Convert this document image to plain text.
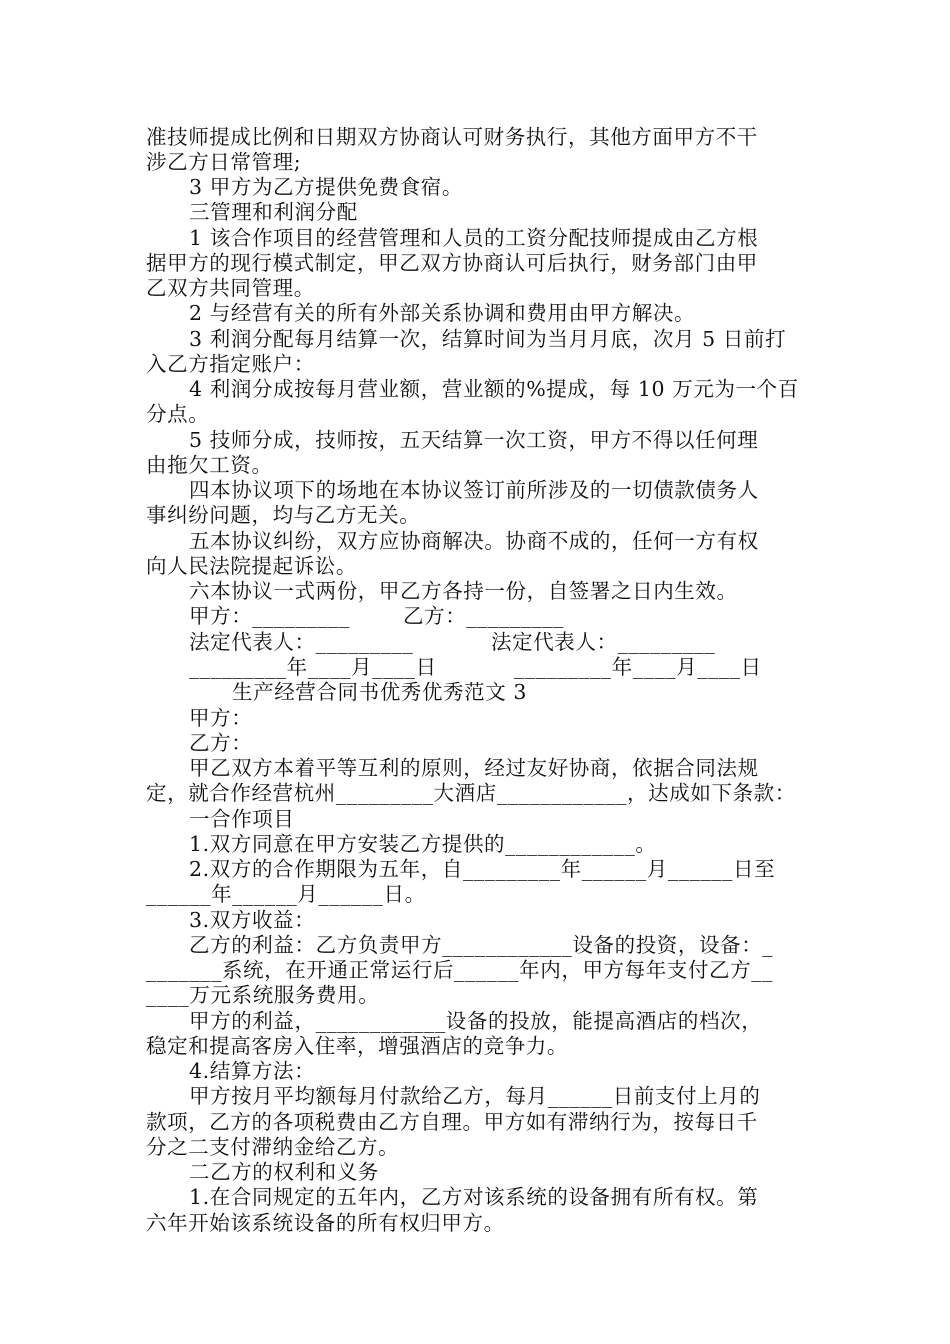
准技师提成比例和日期双方协商认可财务执行，其他方面甲方不干
涉乙方日常管理;
3 甲方为乙方提供免费食宿。
三管理和利润分配
1 该合作项目的经营管理和人员的工资分配技师提成由乙方根
据甲方的现行模式制定，甲乙双方协商认可后执行，财务部门由甲
乙双方共同管理。
2 与经营有关的所有外部关系协调和费用由甲方解决。
3 利润分配每月结算一次，结算时间为当月月底，次月 5 日前打
入乙方指定账户：
4 利润分成按每月营业额，营业额的%提成，每 10 万元为一个百
分点。
5 技师分成，技师按，五天结算一次工资，甲方不得以任何理
由拖欠工资。
四本协议项下的场地在本协议签订前所涉及的一切债款债务人
事纠纷问题，均与乙方无关。
五本协议纠纷，双方应协商解决。协商不成的，任何一方有权
向人民法院提起诉讼。
六本协议一式两份，甲乙方各持一份，自签署之日内生效。
甲方：_________	乙方：_________
法定代表人：_________	法定代表人：_________
_________年____月____日	_________年____月____日
生产经营合同书优秀优秀范文 3
甲方：
乙方：
甲乙双方本着平等互利的原则，经过友好协商，依据合同法规
定，就合作经营杭州_________大酒店____________，达成如下条款：
一合作项目
1.双方同意在甲方安装乙方提供的____________。
2.双方的合作期限为五年，自_________年______月______日至
______年______月______日。
3.双方收益：
乙方的利益：乙方负责甲方____________设备的投资，设备：_
_______系统，在开通正常运行后______年内，甲方每年支付乙方__
____万元系统服务费用。
甲方的利益，____________设备的投放，能提高酒店的档次，
稳定和提高客房入住率，增强酒店的竞争力。
4.结算方法：
甲方按月平均额每月付款给乙方，每月______日前支付上月的
款项，乙方的各项税费由乙方自理。甲方如有滞纳行为，按每日千
分之二支付滞纳金给乙方。
二乙方的权利和义务
1.在合同规定的五年内，乙方对该系统的设备拥有所有权。第
六年开始该系统设备的所有权归甲方。
